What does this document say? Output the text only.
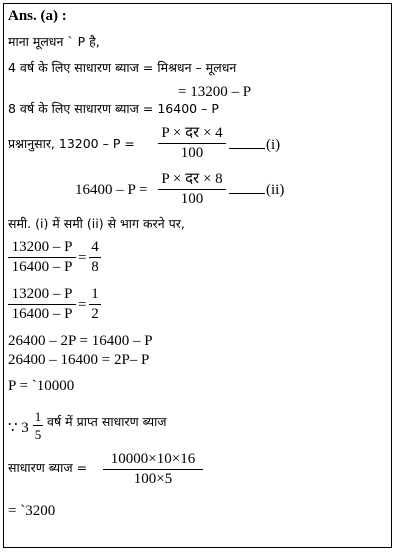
Ans. (a) :
माना मूलधन ` P है,
4 वर्ष के लिए साधारण ब्याज = मिश्रधन – मूलधन
= 13200 – P
8 वर्ष के लिए साधारण ब्याज = 16400 – P
प्रश्नानुसार, 13200 – P =
P × दर × 4
100	(i)
16400 – P =
P × दर × 8
100
(ii)
समी. (i) में समी (ii) से भाग करने पर,
13200 – P
16400 – P
=
4
8
13200 – P
16400 – P
=
1
2
26400 – 2P = 16400 – P
26400 – 16400 = 2P– P
P = `10000
∵ 3
1
5
वर्ष में प्राप्त साधारण ब्याज
साधारण ब्याज =
10000×10×16
100×5
= `3200
